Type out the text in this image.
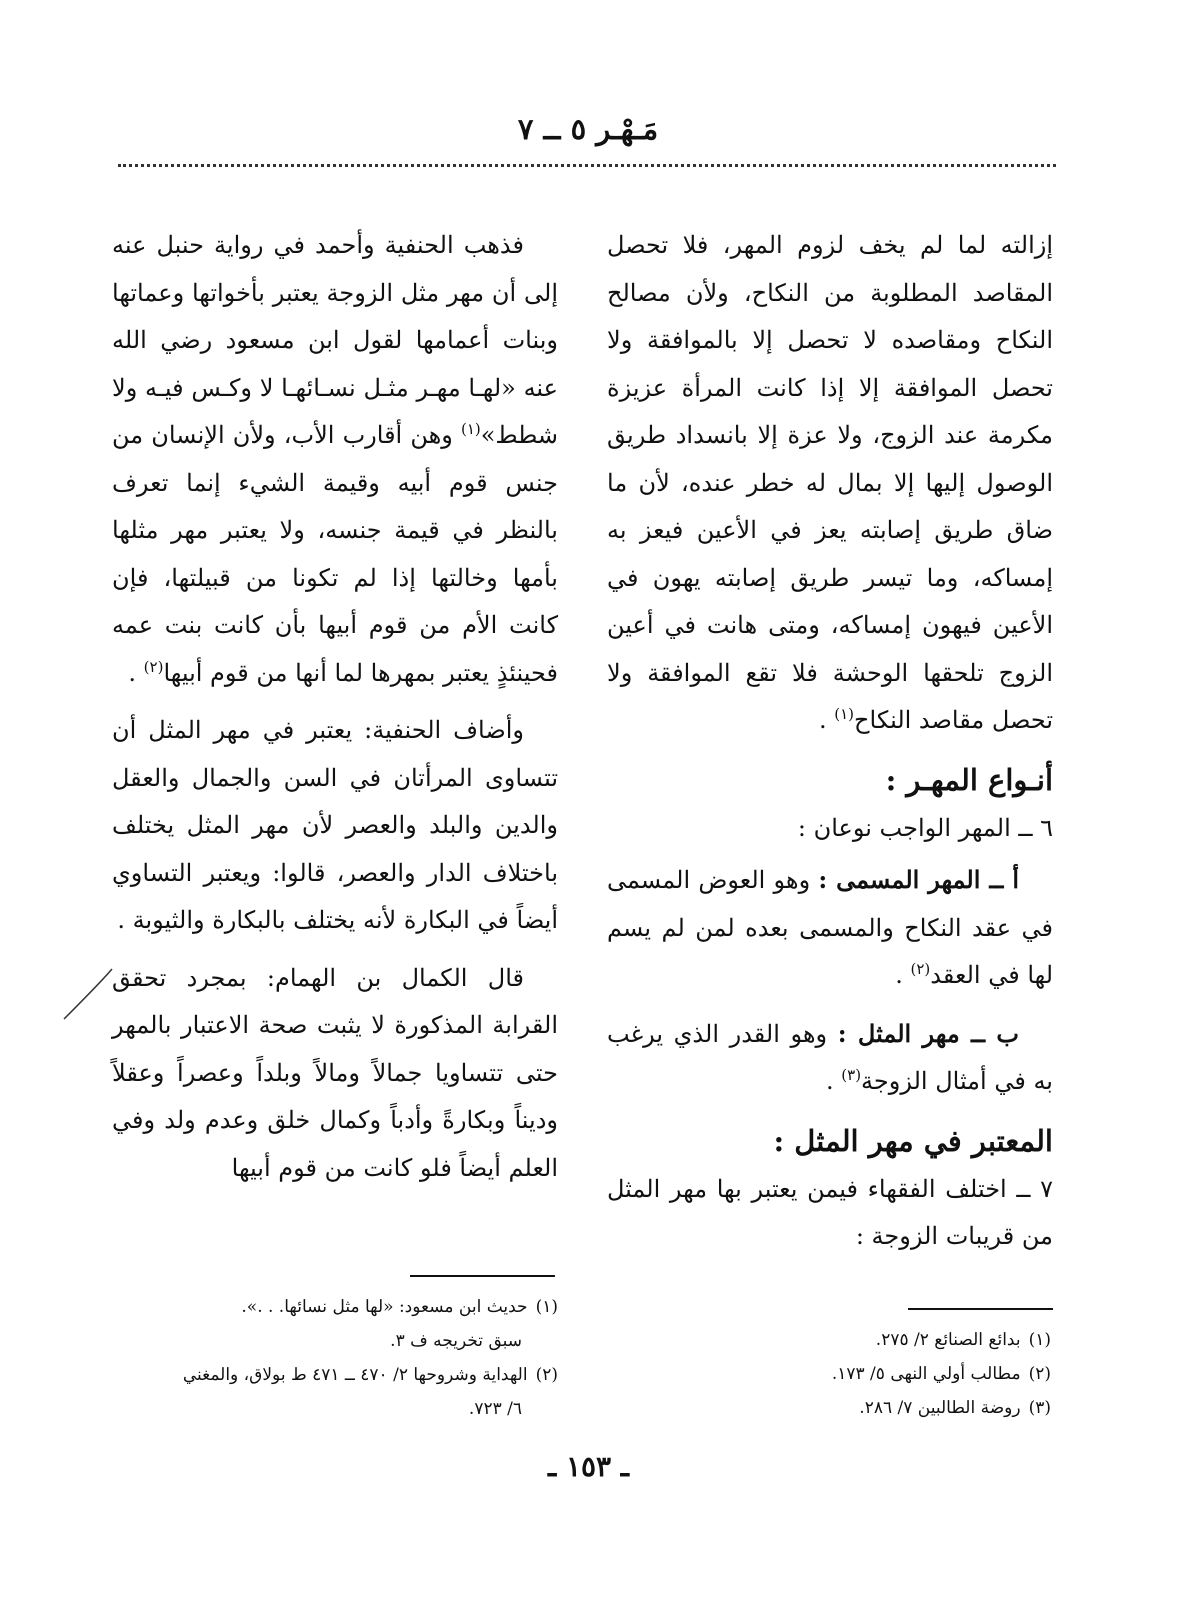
مَـهْـر ٥ ــ ٧

إزالته لما لم يخف لزوم المهر، فلا تحصل المقاصد المطلوبة من النكاح، ولأن مصالح النكاح ومقاصده لا تحصل إلا بالموافقة ولا تحصل الموافقة إلا إذا كانت المرأة عزيزة مكرمة عند الزوج، ولا عزة إلا بانسداد طريق الوصول إليها إلا بمال له خطر عنده، لأن ما ضاق طريق إصابته يعز في الأعين فيعز به إمساكه، وما تيسر طريق إصابته يهون في الأعين فيهون إمساكه، ومتى هانت في أعين الزوج تلحقها الوحشة فلا تقع الموافقة ولا تحصل مقاصد النكاح$^{(١)}$ .

أنـواع المهـر :

٦ ــ المهر الواجب نوعان :

أ ــ المهر المسمى : وهو العوض المسمى في عقد النكاح والمسمى بعده لمن لم يسم لها في العقد$^{(٢)}$ .

ب ــ مهر المثل : وهو القدر الذي يرغب به في أمثال الزوجة$^{(٣)}$ .

المعتبر في مهر المثل :

٧ ــ اختلف الفقهاء فيمن يعتبر بها مهر المثل من قريبات الزوجة :

فذهب الحنفية وأحمد في رواية حنبل عنه إلى أن مهر مثل الزوجة يعتبر بأخواتها وعماتها وبنات أعمامها لقول ابن مسعود رضي الله عنه «لهـا مهـر مثـل نسـائهـا لا وكـس فيـه ولا شطط»$^{(١)}$ وهن أقارب الأب، ولأن الإنسان من جنس قوم أبيه وقيمة الشيء إنما تعرف بالنظر في قيمة جنسه، ولا يعتبر مهر مثلها بأمها وخالتها إذا لم تكونا من قبيلتها، فإن كانت الأم من قوم أبيها بأن كانت بنت عمه فحينئذٍ يعتبر بمهرها لما أنها من قوم أبيها$^{(٢)}$ .

وأضاف الحنفية: يعتبر في مهر المثل أن تتساوى المرأتان في السن والجمال والعقل والدين والبلد والعصر لأن مهر المثل يختلف باختلاف الدار والعصر، قالوا: ويعتبر التساوي أيضاً في البكارة لأنه يختلف بالبكارة والثيوبة .

قال الكمال بن الهمام: بمجرد تحقق القرابة المذكورة لا يثبت صحة الاعتبار بالمهر حتى تتساويا جمالاً ومالاً وبلداً وعصراً وعقلاً وديناً وبكارةً وأدباً وكمال خلق وعدم ولد وفي العلم أيضاً فلو كانت من قوم أبيها

(١)حديث ابن مسعود: «لها مثل نسائها. . .».

سبق تخريجه ف ٣.

(٢)الهداية وشروحها ٢/ ٤٧٠ ــ ٤٧١ ط بولاق، والمغني

٦/ ٧٢٣.

(١)بدائع الصنائع ٢/ ٢٧٥.

(٢)مطالب أولي النهى ٥/ ١٧٣.

(٣)روضة الطالبين ٧/ ٢٨٦.

ـ ١٥٣ ـ
